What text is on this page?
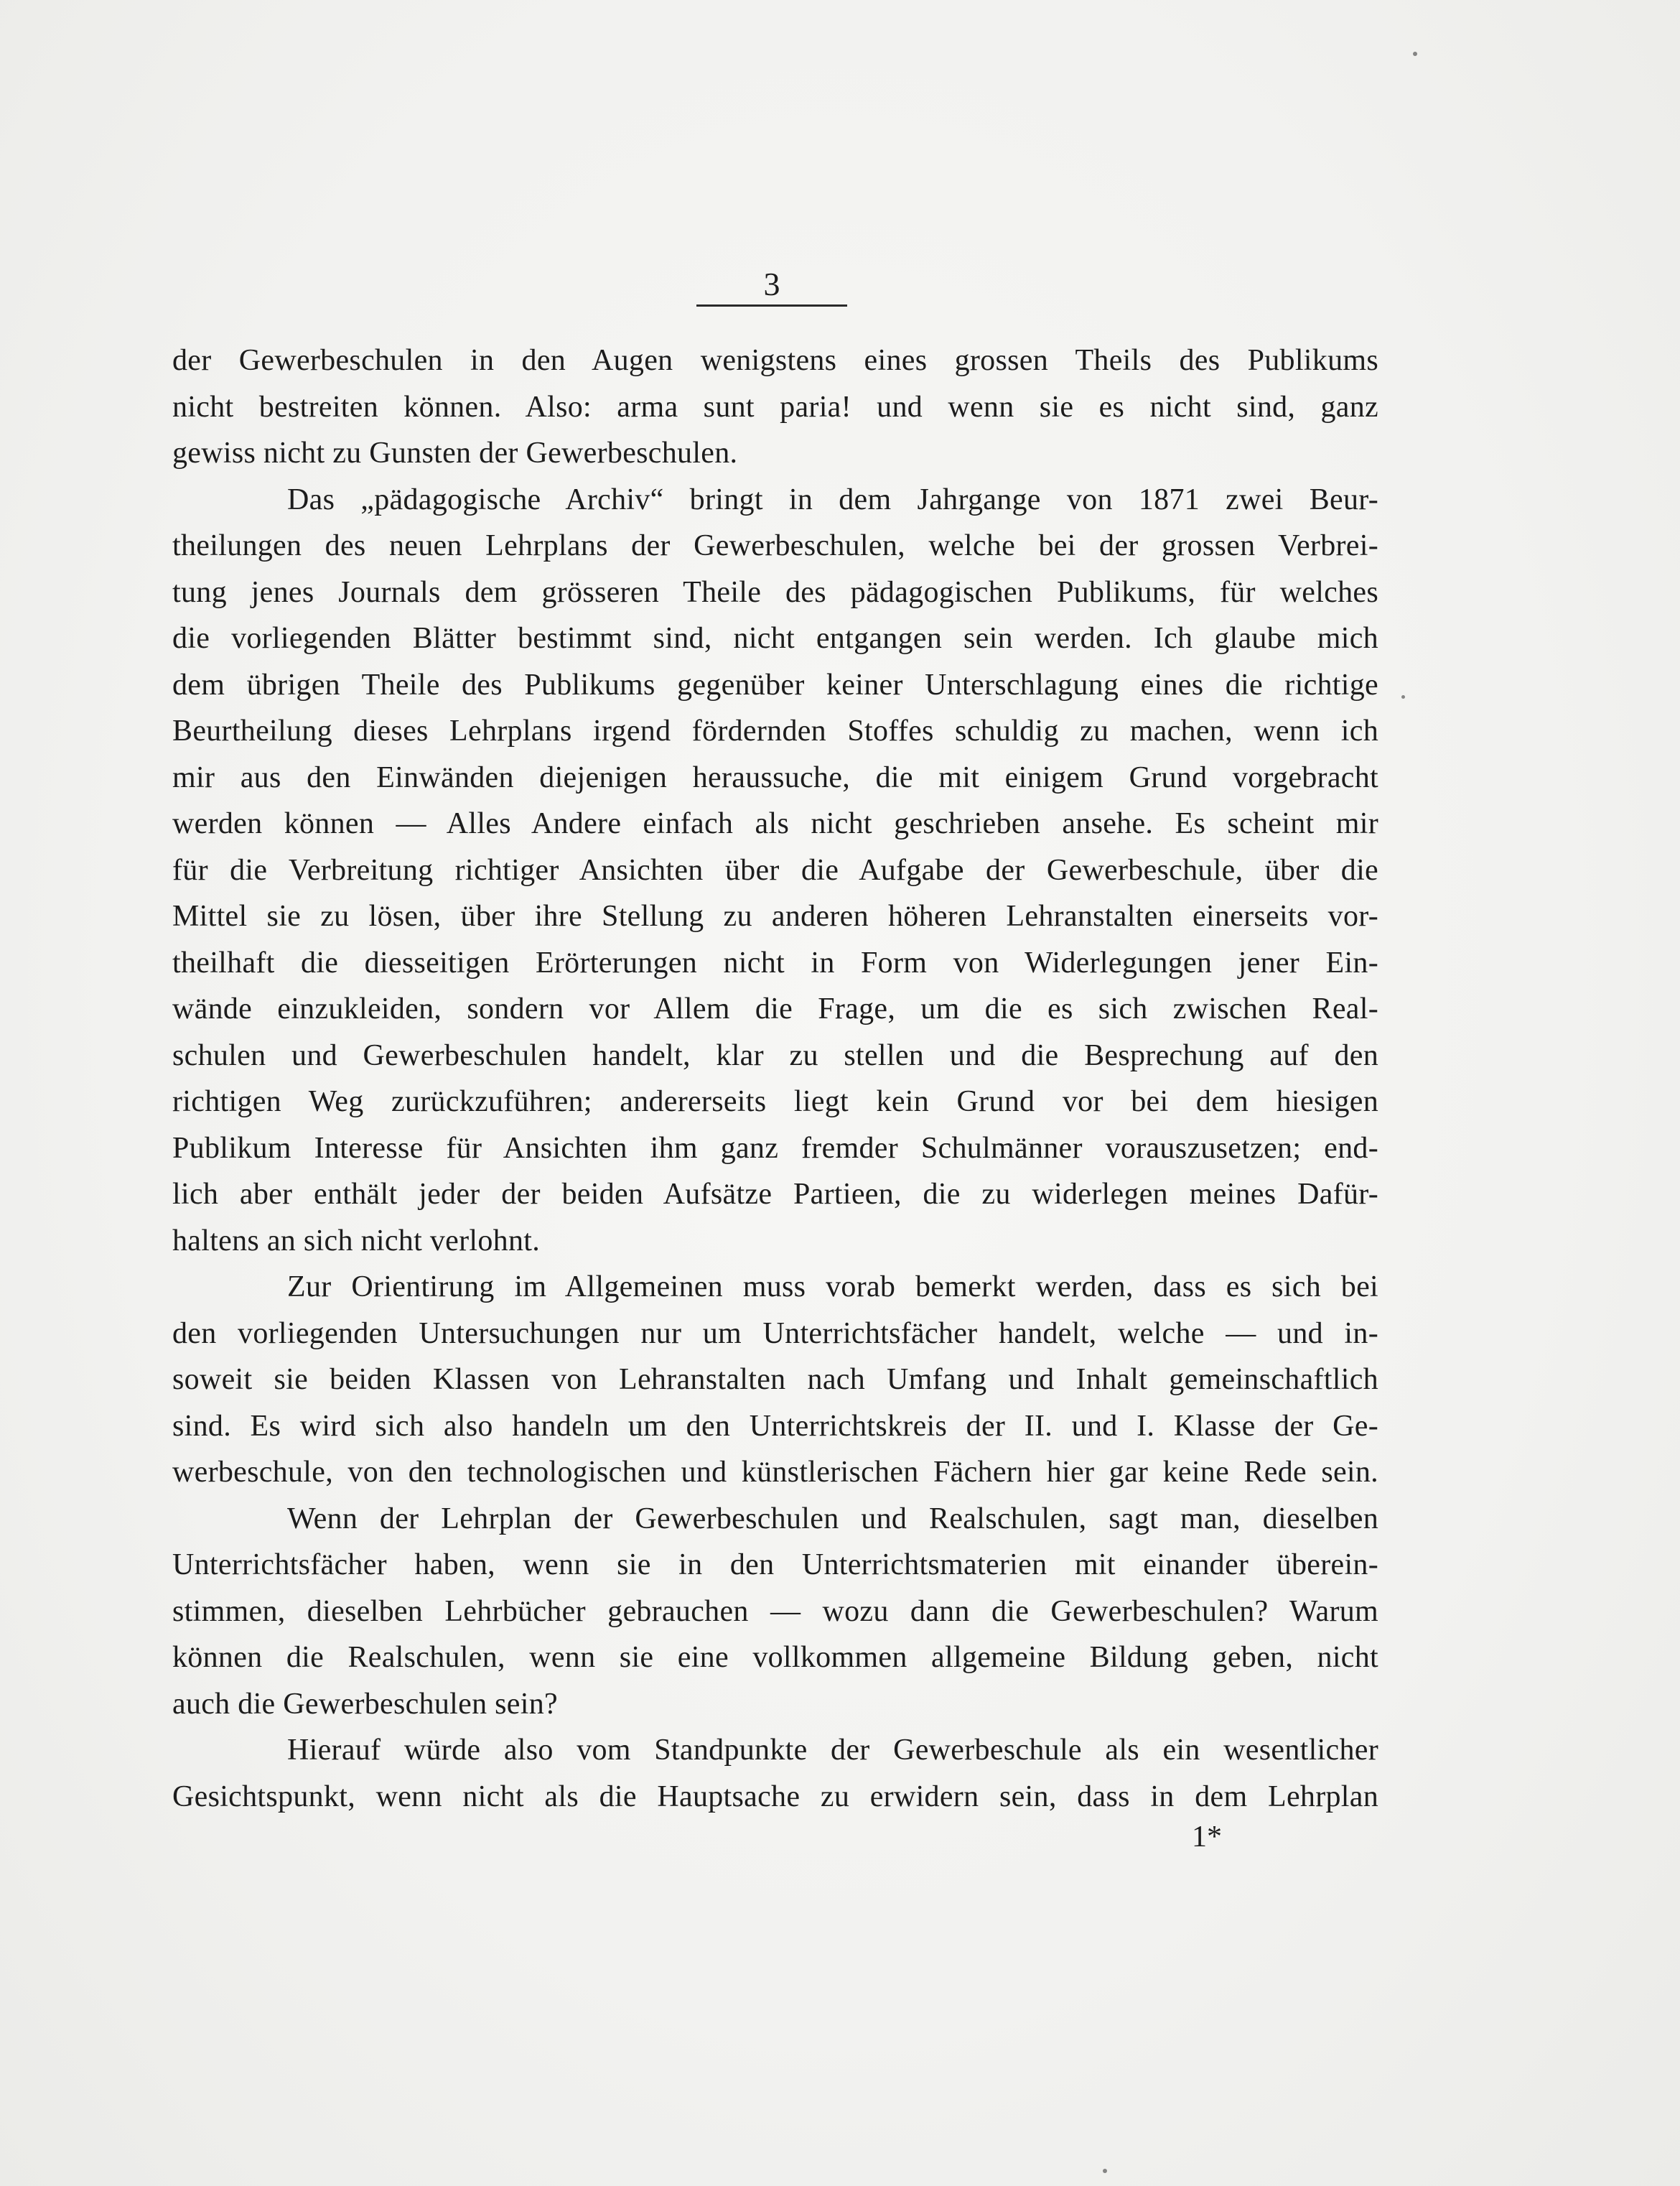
3

der Gewerbeschulen in den Augen wenigstens eines grossen Theils des Publikums
nicht bestreiten können. Also: arma sunt paria! und wenn sie es nicht sind, ganz
gewiss nicht zu Gunsten der Gewerbeschulen.

Das „pädagogische Archiv“ bringt in dem Jahrgange von 1871 zwei Beur-
theilungen des neuen Lehrplans der Gewerbeschulen, welche bei der grossen Verbrei-
tung jenes Journals dem grösseren Theile des pädagogischen Publikums, für welches
die vorliegenden Blätter bestimmt sind, nicht entgangen sein werden. Ich glaube mich
dem übrigen Theile des Publikums gegenüber keiner Unterschlagung eines die richtige
Beurtheilung dieses Lehrplans irgend fördernden Stoffes schuldig zu machen, wenn ich
mir aus den Einwänden diejenigen heraussuche, die mit einigem Grund vorgebracht
werden können — Alles Andere einfach als nicht geschrieben ansehe. Es scheint mir
für die Verbreitung richtiger Ansichten über die Aufgabe der Gewerbeschule, über die
Mittel sie zu lösen, über ihre Stellung zu anderen höheren Lehranstalten einerseits vor-
theilhaft die diesseitigen Erörterungen nicht in Form von Widerlegungen jener Ein-
wände einzukleiden, sondern vor Allem die Frage, um die es sich zwischen Real-
schulen und Gewerbeschulen handelt, klar zu stellen und die Besprechung auf den
richtigen Weg zurückzuführen; andererseits liegt kein Grund vor bei dem hiesigen
Publikum Interesse für Ansichten ihm ganz fremder Schulmänner vorauszusetzen; end-
lich aber enthält jeder der beiden Aufsätze Partieen, die zu widerlegen meines Dafür-
haltens an sich nicht verlohnt.

Zur Orientirung im Allgemeinen muss vorab bemerkt werden, dass es sich bei
den vorliegenden Untersuchungen nur um Unterrichtsfächer handelt, welche — und in-
soweit sie beiden Klassen von Lehranstalten nach Umfang und Inhalt gemeinschaftlich
sind. Es wird sich also handeln um den Unterrichtskreis der II. und I. Klasse der Ge-
werbeschule, von den technologischen und künstlerischen Fächern hier gar keine Rede sein.

Wenn der Lehrplan der Gewerbeschulen und Realschulen, sagt man, dieselben
Unterrichtsfächer haben, wenn sie in den Unterrichtsmaterien mit einander überein-
stimmen, dieselben Lehrbücher gebrauchen — wozu dann die Gewerbeschulen? Warum
können die Realschulen, wenn sie eine vollkommen allgemeine Bildung geben, nicht
auch die Gewerbeschulen sein?

Hierauf würde also vom Standpunkte der Gewerbeschule als ein wesentlicher
Gesichtspunkt, wenn nicht als die Hauptsache zu erwidern sein, dass in dem Lehrplan

1*
